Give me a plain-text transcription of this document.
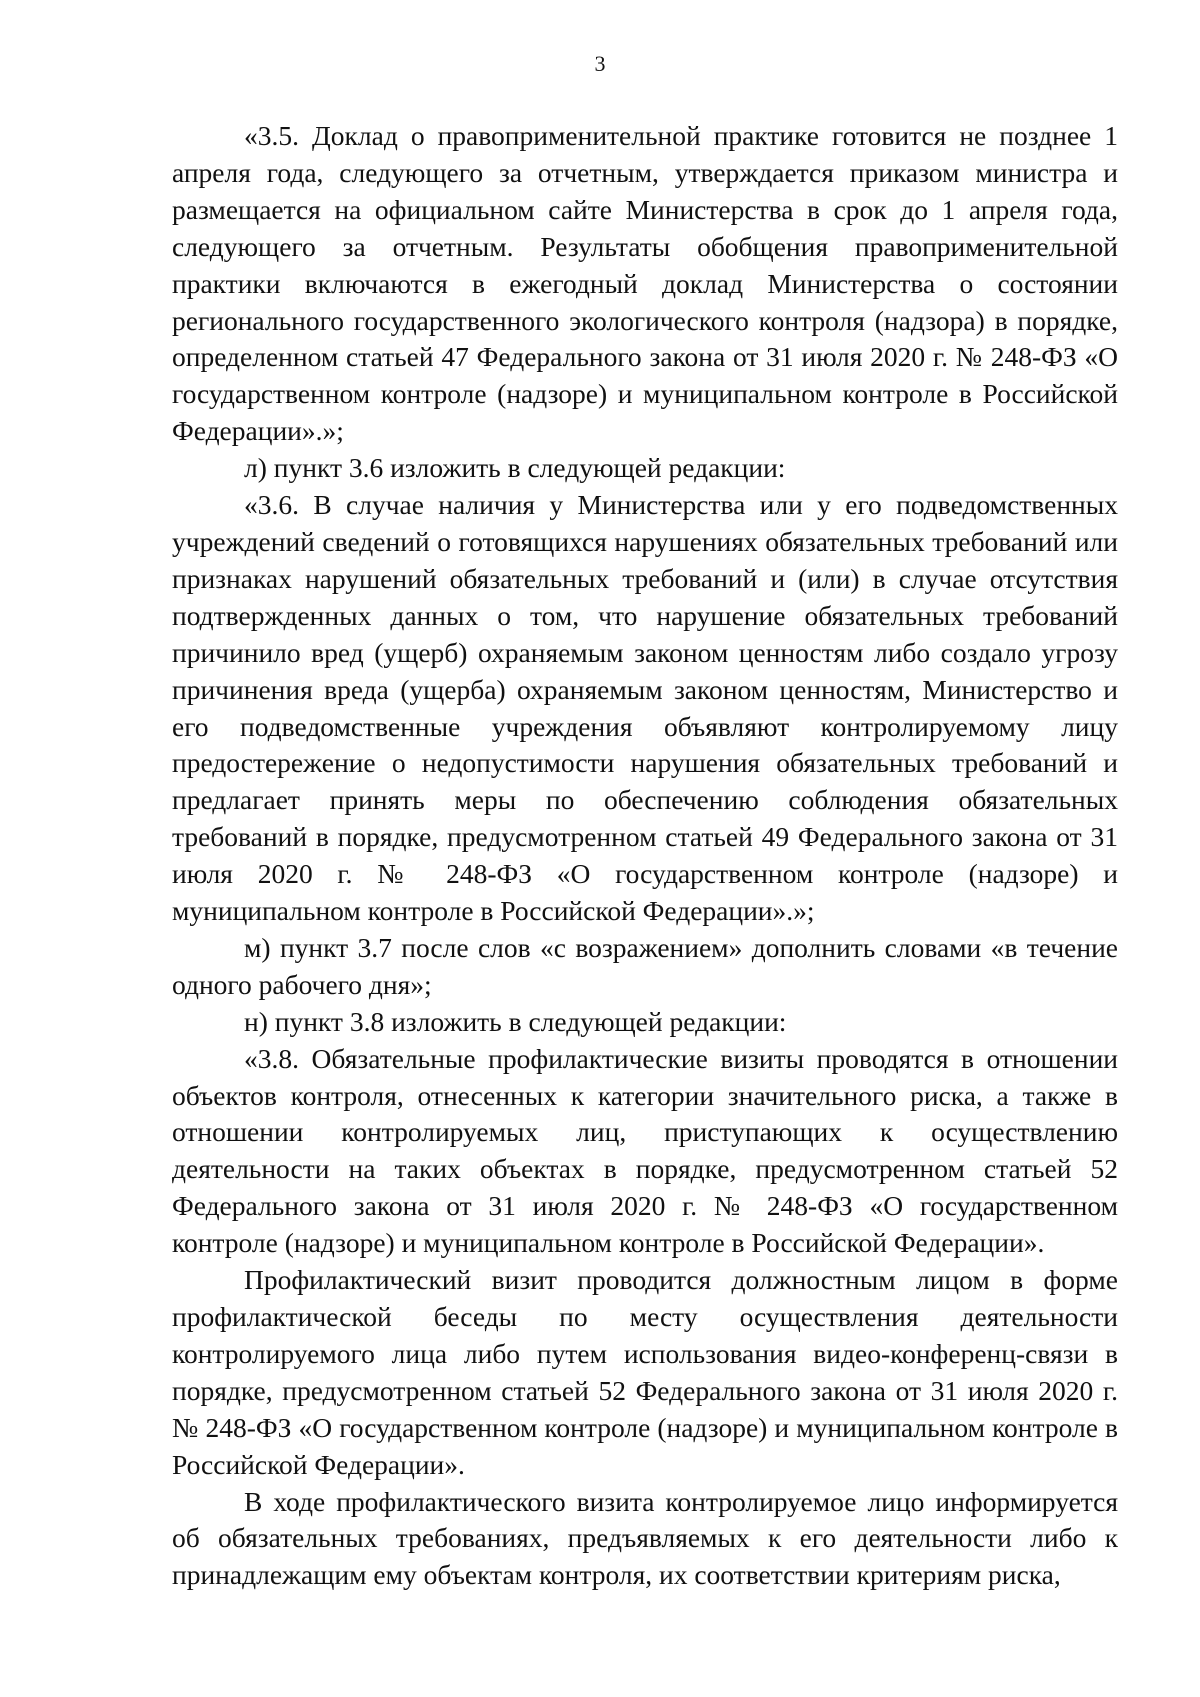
3

«3.5. Доклад о правоприменительной практике готовится не позднее 1 апреля года, следующего за отчетным, утверждается приказом министра и размещается на официальном сайте Министерства в срок до 1 апреля года, следующего за отчетным. Результаты обобщения правоприменительной практики включаются в ежегодный доклад Министерства о состоянии регионального государственного экологического контроля (надзора) в порядке, определенном статьей 47 Федерального закона от 31 июля 2020 г. № 248-ФЗ «О государственном контроле (надзоре) и муниципальном контроле в Российской Федерации».»;

л) пункт 3.6 изложить в следующей редакции:

«3.6. В случае наличия у Министерства или у его подведомственных учреждений сведений о готовящихся нарушениях обязательных требований или признаках нарушений обязательных требований и (или) в случае отсутствия подтвержденных данных о том, что нарушение обязательных требований причинило вред (ущерб) охраняемым законом ценностям либо создало угрозу причинения вреда (ущерба) охраняемым законом ценностям, Министерство и его подведомственные учреждения объявляют контролируемому лицу предостережение о недопустимости нарушения обязательных требований и предлагает принять меры по обеспечению соблюдения обязательных требований в порядке, предусмотренном статьей 49 Федерального закона от 31 июля 2020 г. № 248-ФЗ «О государственном контроле (надзоре) и муниципальном контроле в Российской Федерации».»;

м) пункт 3.7 после слов «с возражением» дополнить словами «в течение одного рабочего дня»;

н) пункт 3.8 изложить в следующей редакции:

«3.8. Обязательные профилактические визиты проводятся в отношении объектов контроля, отнесенных к категории значительного риска, а также в отношении контролируемых лиц, приступающих к осуществлению деятельности на таких объектах в порядке, предусмотренном статьей 52 Федерального закона от 31 июля 2020 г. № 248-ФЗ «О государственном контроле (надзоре) и муниципальном контроле в Российской Федерации».

Профилактический визит проводится должностным лицом в форме профилактической беседы по месту осуществления деятельности контролируемого лица либо путем использования видео-конференц-связи в порядке, предусмотренном статьей 52 Федерального закона от 31 июля 2020 г. № 248-ФЗ «О государственном контроле (надзоре) и муниципальном контроле в Российской Федерации».

В ходе профилактического визита контролируемое лицо информируется об обязательных требованиях, предъявляемых к его деятельности либо к принадлежащим ему объектам контроля, их соответствии критериям риска,
